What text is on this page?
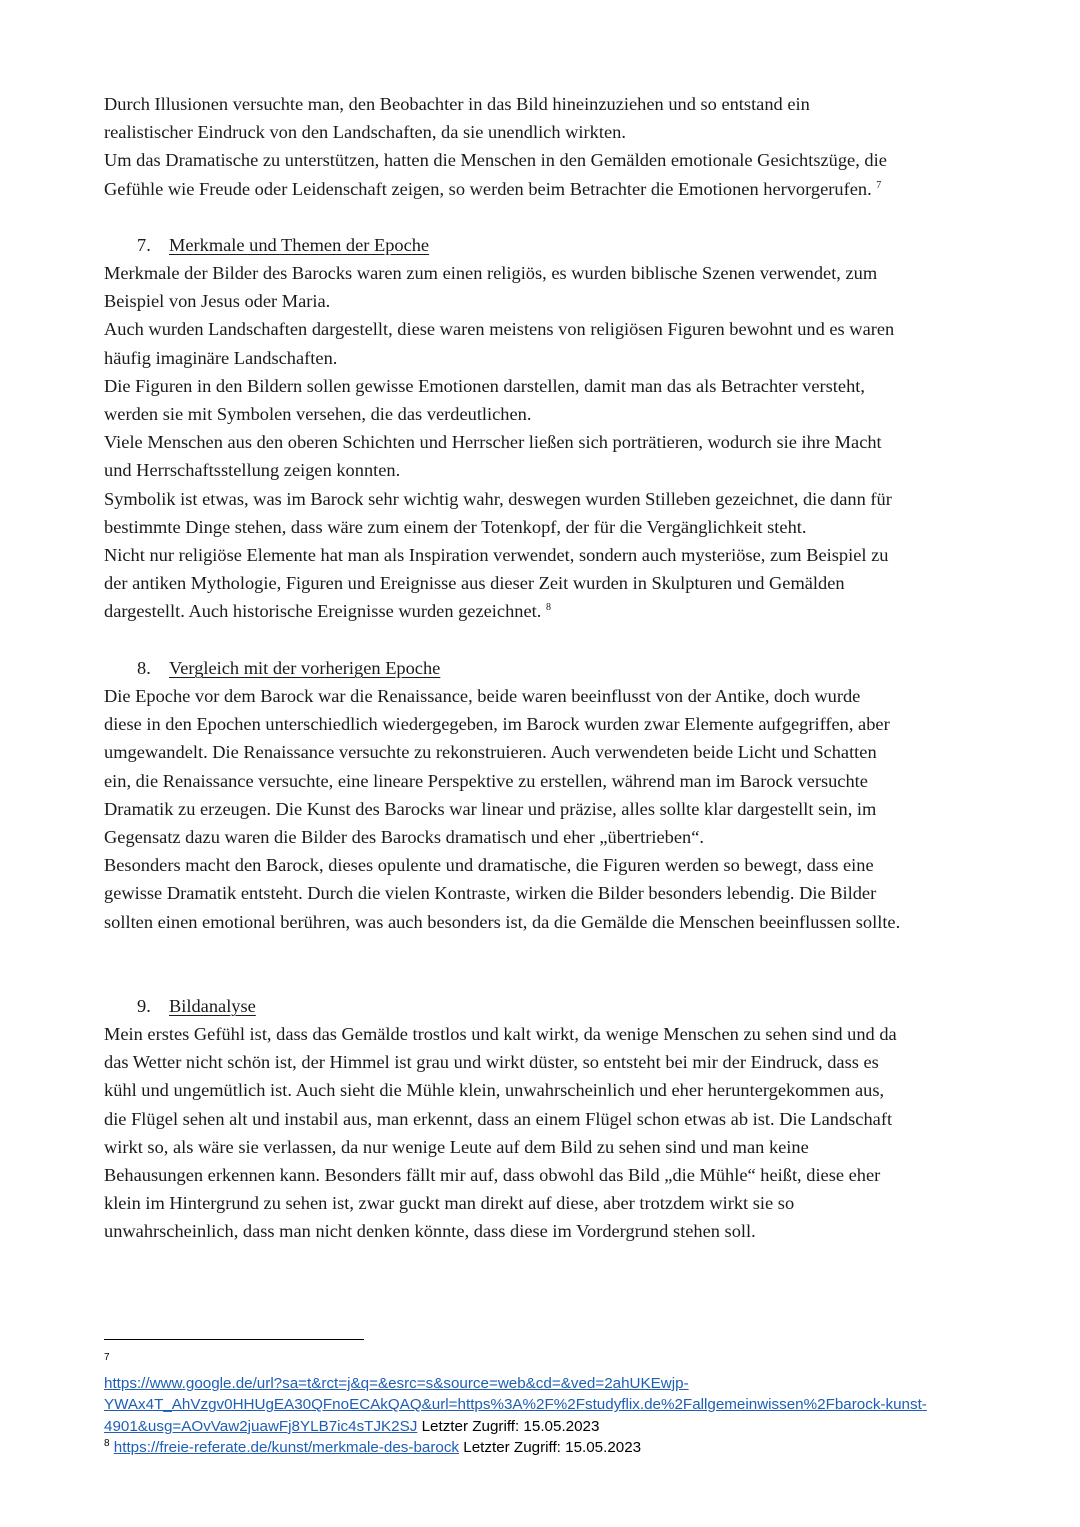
Durch Illusionen versuchte man, den Beobachter in das Bild hineinzuziehen und so entstand ein

realistischer Eindruck von den Landschaften, da sie unendlich wirkten.

Um das Dramatische zu unterstützen, hatten die Menschen in den Gemälden emotionale Gesichtszüge, die

Gefühle wie Freude oder Leidenschaft zeigen, so werden beim Betrachter die Emotionen hervorgerufen. $^7$

7. Merkmale und Themen der Epoche

Merkmale der Bilder des Barocks waren zum einen religiös, es wurden biblische Szenen verwendet, zum

Beispiel von Jesus oder Maria.

Auch wurden Landschaften dargestellt, diese waren meistens von religiösen Figuren bewohnt und es waren

häufig imaginäre Landschaften.

Die Figuren in den Bildern sollen gewisse Emotionen darstellen, damit man das als Betrachter versteht,

werden sie mit Symbolen versehen, die das verdeutlichen.

Viele Menschen aus den oberen Schichten und Herrscher ließen sich porträtieren, wodurch sie ihre Macht

und Herrschaftsstellung zeigen konnten.

Symbolik ist etwas, was im Barock sehr wichtig wahr, deswegen wurden Stilleben gezeichnet, die dann für

bestimmte Dinge stehen, dass wäre zum einem der Totenkopf, der für die Vergänglichkeit steht.

Nicht nur religiöse Elemente hat man als Inspiration verwendet, sondern auch mysteriöse, zum Beispiel zu

der antiken Mythologie, Figuren und Ereignisse aus dieser Zeit wurden in Skulpturen und Gemälden

dargestellt. Auch historische Ereignisse wurden gezeichnet. $^8$

8. Vergleich mit der vorherigen Epoche

Die Epoche vor dem Barock war die Renaissance, beide waren beeinflusst von der Antike, doch wurde

diese in den Epochen unterschiedlich wiedergegeben, im Barock wurden zwar Elemente aufgegriffen, aber

umgewandelt. Die Renaissance versuchte zu rekonstruieren. Auch verwendeten beide Licht und Schatten

ein, die Renaissance versuchte, eine lineare Perspektive zu erstellen, während man im Barock versuchte

Dramatik zu erzeugen. Die Kunst des Barocks war linear und präzise, alles sollte klar dargestellt sein, im

Gegensatz dazu waren die Bilder des Barocks dramatisch und eher „übertrieben“.

Besonders macht den Barock, dieses opulente und dramatische, die Figuren werden so bewegt, dass eine

gewisse Dramatik entsteht. Durch die vielen Kontraste, wirken die Bilder besonders lebendig. Die Bilder

sollten einen emotional berühren, was auch besonders ist, da die Gemälde die Menschen beeinflussen sollte.

9. Bildanalyse

Mein erstes Gefühl ist, dass das Gemälde trostlos und kalt wirkt, da wenige Menschen zu sehen sind und da

das Wetter nicht schön ist, der Himmel ist grau und wirkt düster, so entsteht bei mir der Eindruck, dass es

kühl und ungemütlich ist. Auch sieht die Mühle klein, unwahrscheinlich und eher heruntergekommen aus,

die Flügel sehen alt und instabil aus, man erkennt, dass an einem Flügel schon etwas ab ist. Die Landschaft

wirkt so, als wäre sie verlassen, da nur wenige Leute auf dem Bild zu sehen sind und man keine

Behausungen erkennen kann. Besonders fällt mir auf, dass obwohl das Bild „die Mühle“ heißt, diese eher

klein im Hintergrund zu sehen ist, zwar guckt man direkt auf diese, aber trotzdem wirkt sie so

unwahrscheinlich, dass man nicht denken könnte, dass diese im Vordergrund stehen soll.

7
https://www.google.de/url?sa=t&rct=j&q=&esrc=s&source=web&cd=&ved=2ahUKEwjp-
YWAx4T_AhVzgv0HHUgEA30QFnoECAkQAQ&url=https%3A%2F%2Fstudyflix.de%2Fallgemeinwissen%2Fbarock-kunst-
4901&usg=AOvVaw2juawFj8YLB7ic4sTJK2SJ Letzter Zugriff: 15.05.2023
$^8$ https://freie-referate.de/kunst/merkmale-des-barock Letzter Zugriff: 15.05.2023
